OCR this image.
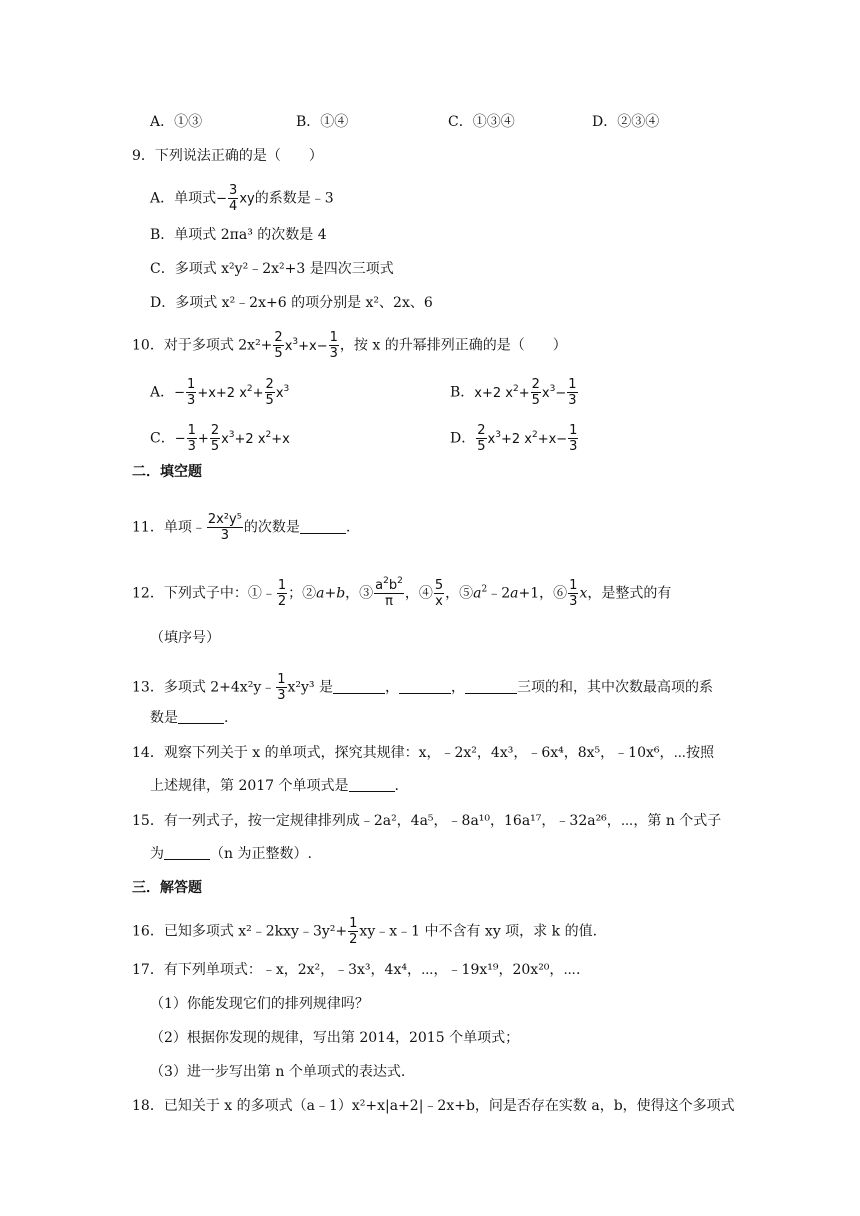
A．①③	B．①④	C．①③④	D．②③④
9．下列说法正确的是（　　）
A．单项式− $\frac{3}{4}$ xy的系数是﹣3
B．单项式 2πa³ 的次数是 4
C．多项式 x²y²﹣2x²+3 是四次三项式
D．多项式 x²﹣2x+6 的项分别是 x²、2x、6
10．对于多项式 $2x^2+ \frac{2}{5} x^3+x- \frac{1}{3}$ ，按 x 的升幂排列正确的是（　　）
A．− $\frac{1}{3} +x+2$ $x^2+ \frac{2}{5} x^3$	B．x+2 $x^2+ \frac{2}{5} x^3- \frac{1}{3}$
C．− $\frac{1}{3} + \frac{2}{5} x^3+2$ $x^2+x$	D． $\frac{2}{5} x^3+2$ $x^2+x- \frac{1}{3}$
二．填空题
11．单项﹣ $\frac{\text{2x²y⁵}}{3}$ 的次数是	.
12．下列式子中：①﹣ $\frac{1}{2}$ ；②a+b，③ $\frac{a^2b^2}{\pi}$ ，④ $\frac{5}{x}$ ，$⑤a^2﹣2a+1$，⑥ $\frac{1}{3}$ x，是整式的有
（填序号）
13．多项式 2+4x²y﹣ $\frac{1}{3} x^2y^3$ 是	，	，	三项的和，其中次数最高项的系
数是	.
14．观察下列关于 x 的单项式，探究其规律：x，﹣2x²，4x³，﹣6x⁴，8x⁵，﹣10x⁶，⋯按照
上述规律，第 2017 个单项式是	.
15．有一列式子，按一定规律排列成﹣2a²，4a⁵，﹣8a¹⁰，16a¹⁷，﹣32a²⁶，⋯，第 n 个式子
为	（n 为正整数）.
三．解答题
16．已知多项式 x²﹣2kxy﹣3y²+ $\frac{1}{2}$ xy﹣x﹣1 中不含有 xy 项，求 k 的值.
17．有下列单项式：﹣x，2x²，﹣3x³，4x⁴，⋯，﹣19x¹⁹，20x²⁰，⋯.
（1）你能发现它们的排列规律吗？
（2）根据你发现的规律，写出第 2014，2015 个单项式；
（3）进一步写出第 n 个单项式的表达式.
18．已知关于 x 的多项式（a﹣1）x²+x|a+2|﹣2x+b，问是否存在实数 a，b，使得这个多项式
